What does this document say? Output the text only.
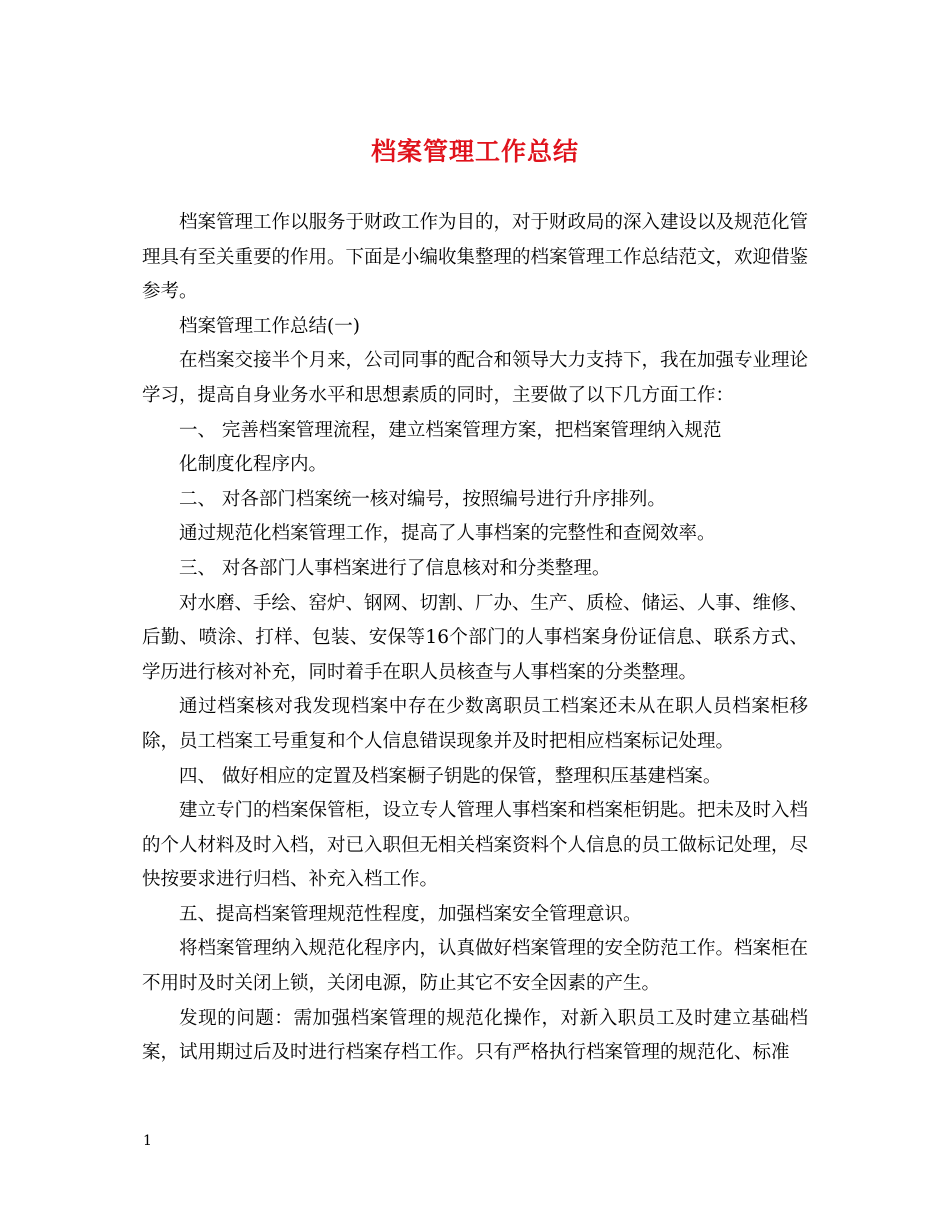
档案管理工作总结

档案管理工作以服务于财政工作为目的，对于财政局的深入建设以及规范化管理具有至关重要的作用。下面是小编收集整理的档案管理工作总结范文，欢迎借鉴参考。

档案管理工作总结(一)

在档案交接半个月来，公司同事的配合和领导大力支持下，我在加强专业理论学习，提高自身业务水平和思想素质的同时，主要做了以下几方面工作：

一、 完善档案管理流程，建立档案管理方案，把档案管理纳入规范

化制度化程序内。

二、 对各部门档案统一核对编号，按照编号进行升序排列。

通过规范化档案管理工作，提高了人事档案的完整性和查阅效率。

三、 对各部门人事档案进行了信息核对和分类整理。

对水磨、手绘、窑炉、钢网、切割、厂办、生产、质检、储运、人事、维修、后勤、喷涂、打样、包装、安保等16个部门的人事档案身份证信息、联系方式、学历进行核对补充，同时着手在职人员核查与人事档案的分类整理。

通过档案核对我发现档案中存在少数离职员工档案还未从在职人员档案柜移除，员工档案工号重复和个人信息错误现象并及时把相应档案标记处理。

四、 做好相应的定置及档案橱子钥匙的保管，整理积压基建档案。

建立专门的档案保管柜，设立专人管理人事档案和档案柜钥匙。把未及时入档的个人材料及时入档，对已入职但无相关档案资料个人信息的员工做标记处理，尽快按要求进行归档、补充入档工作。

五、提高档案管理规范性程度，加强档案安全管理意识。

将档案管理纳入规范化程序内，认真做好档案管理的安全防范工作。档案柜在不用时及时关闭上锁，关闭电源，防止其它不安全因素的产生。

发现的问题：需加强档案管理的规范化操作，对新入职员工及时建立基础档案，试用期过后及时进行档案存档工作。只有严格执行档案管理的规范化、标准

1
